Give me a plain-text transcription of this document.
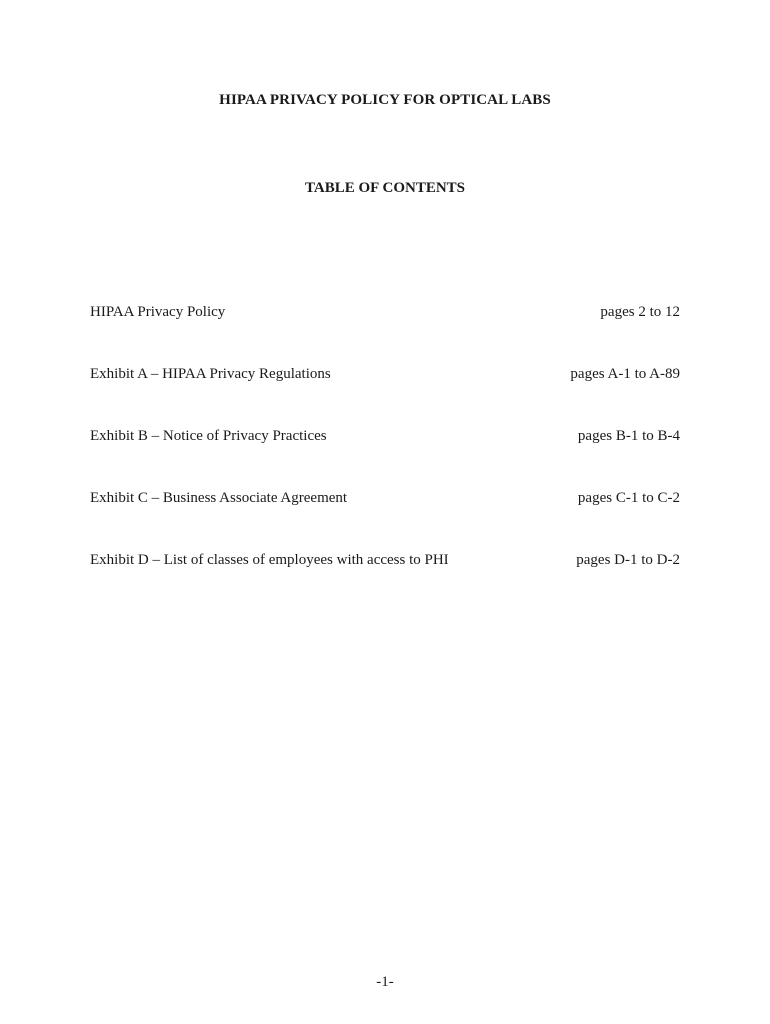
HIPAA PRIVACY POLICY FOR OPTICAL LABS
TABLE OF CONTENTS
HIPAA Privacy Policy	pages 2 to 12
Exhibit A – HIPAA Privacy Regulations	pages A-1 to A-89
Exhibit B – Notice of Privacy Practices	pages B-1 to B-4
Exhibit C – Business Associate Agreement	pages C-1 to C-2
Exhibit D – List of classes of employees with access to PHI	pages D-1 to D-2
-1-
